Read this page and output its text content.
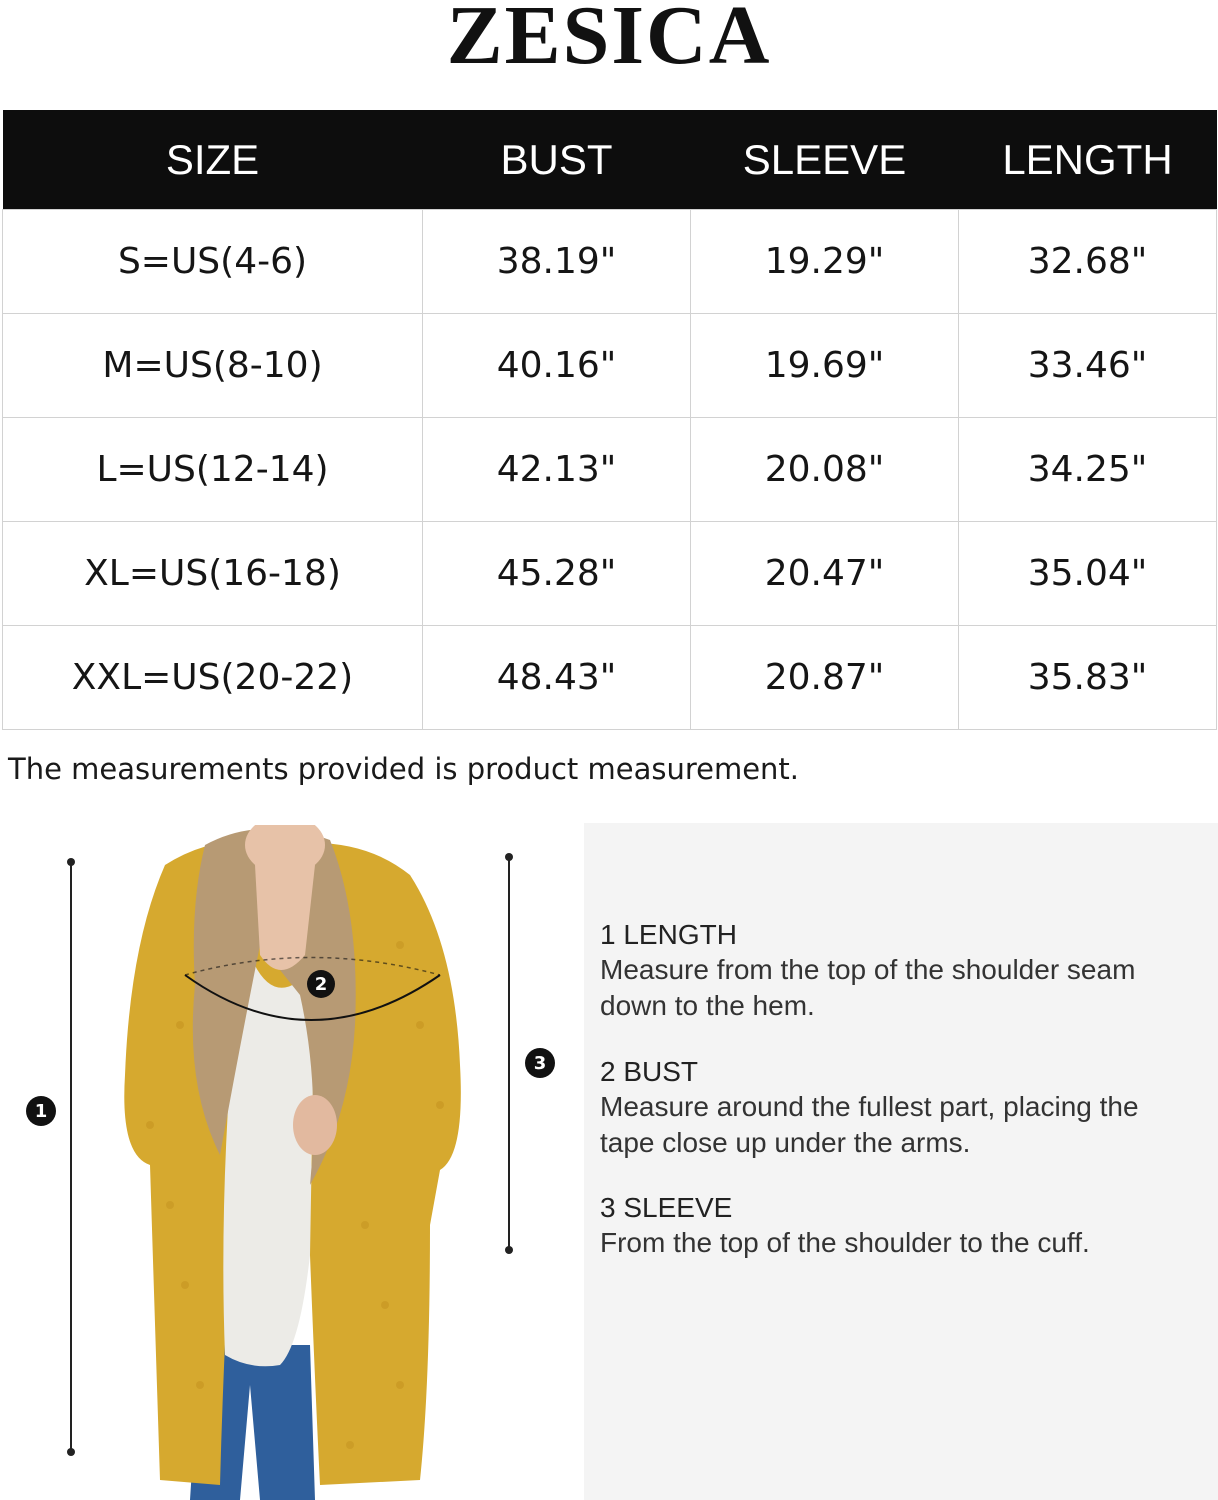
ZESICA
SIZE	BUST	SLEEVE	LENGTH
S=US(4-6)	38.19"	19.29"	32.68"
M=US(8-10)	40.16"	19.69"	33.46"
L=US(12-14)	42.13"	20.08"	34.25"
XL=US(16-18)	45.28"	20.47"	35.04"
XXL=US(20-22)	48.43"	20.87"	35.83"

The measurements provided is product measurement.

1
2
3
1 LENGTH
Measure from the top of the shoulder seam down to the hem.
2 BUST
Measure around the fullest part, placing the tape close up under the arms.
3 SLEEVE
From the top of the shoulder to the cuff.
